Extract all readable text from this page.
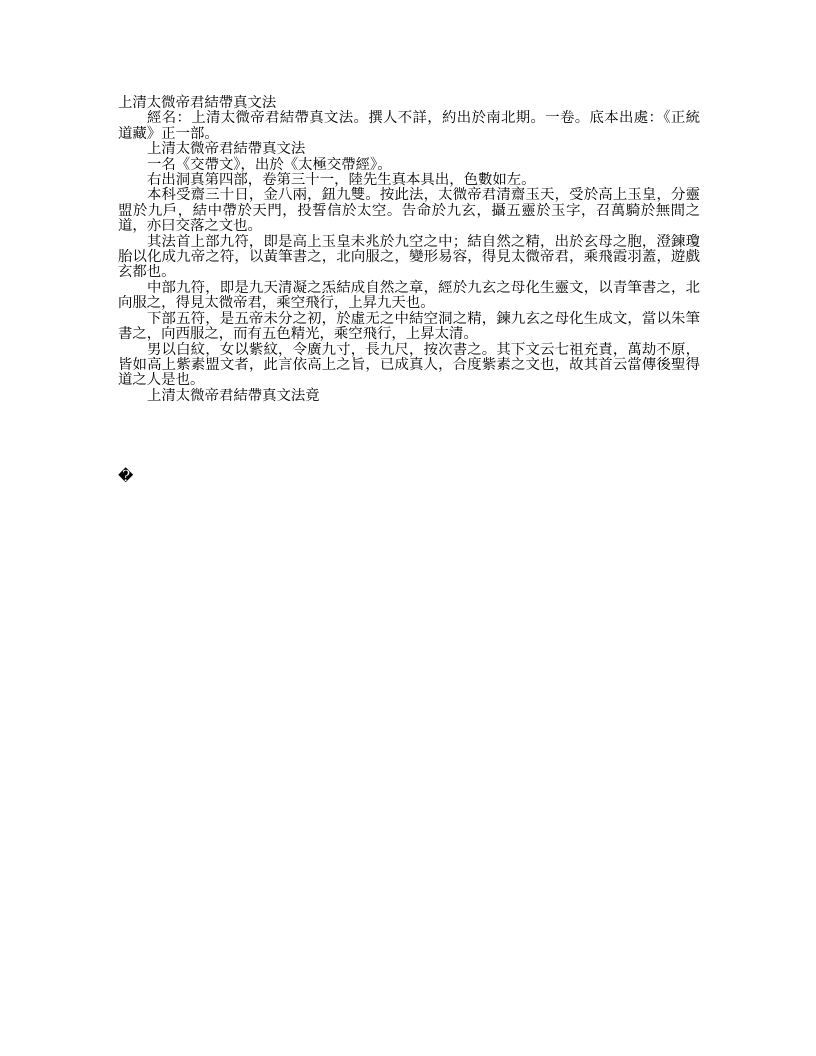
上清太微帝君結帶真文法

經名：上清太微帝君結帶真文法。撰人不詳，約出於南北期。一卷。底本出處：《正統道藏》正一部。

上清太微帝君結帶真文法

一名《交帶文》，出於《太極交帶經》。

右出洞真第四部，卷第三十一，陸先生真本具出，色數如左。

本科受齋三十日，金八兩，鈕九雙。按此法，太微帝君清齋玉天，受於高上玉皇，分靈盟於九戶，結中帶於天門，投誓信於太空。告命於九玄，攝五靈於玉字，召萬騎於無間之道，亦曰交落之文也。

其法首上部九符，即是高上玉皇未兆於九空之中；結自然之精，出於玄母之胞，澄鍊瓊胎以化成九帝之符，以黃筆書之，北向服之，變形易容，得見太微帝君，乘飛霞羽蓋，遊戲玄都也。

中部九符，即是九天清凝之炁結成自然之章，經於九玄之母化生靈文，以青筆書之，北向服之，得見太微帝君，乘空飛行，上昇九天也。

下部五符，是五帝未分之初，於虛无之中結空洞之精，鍊九玄之母化生成文，當以朱筆書之，向西服之，而有五色精光，乘空飛行，上昇太清。

男以白紋，女以紫紋，令廣九寸，長九尺，按次書之。其下文云七祖充責，萬劫不原，皆如高上紫素盟文者，此言依高上之旨，已成真人，合度紫素之文也，故其首云當傳後聖得道之人是也。

上清太微帝君結帶真文法竟

�
